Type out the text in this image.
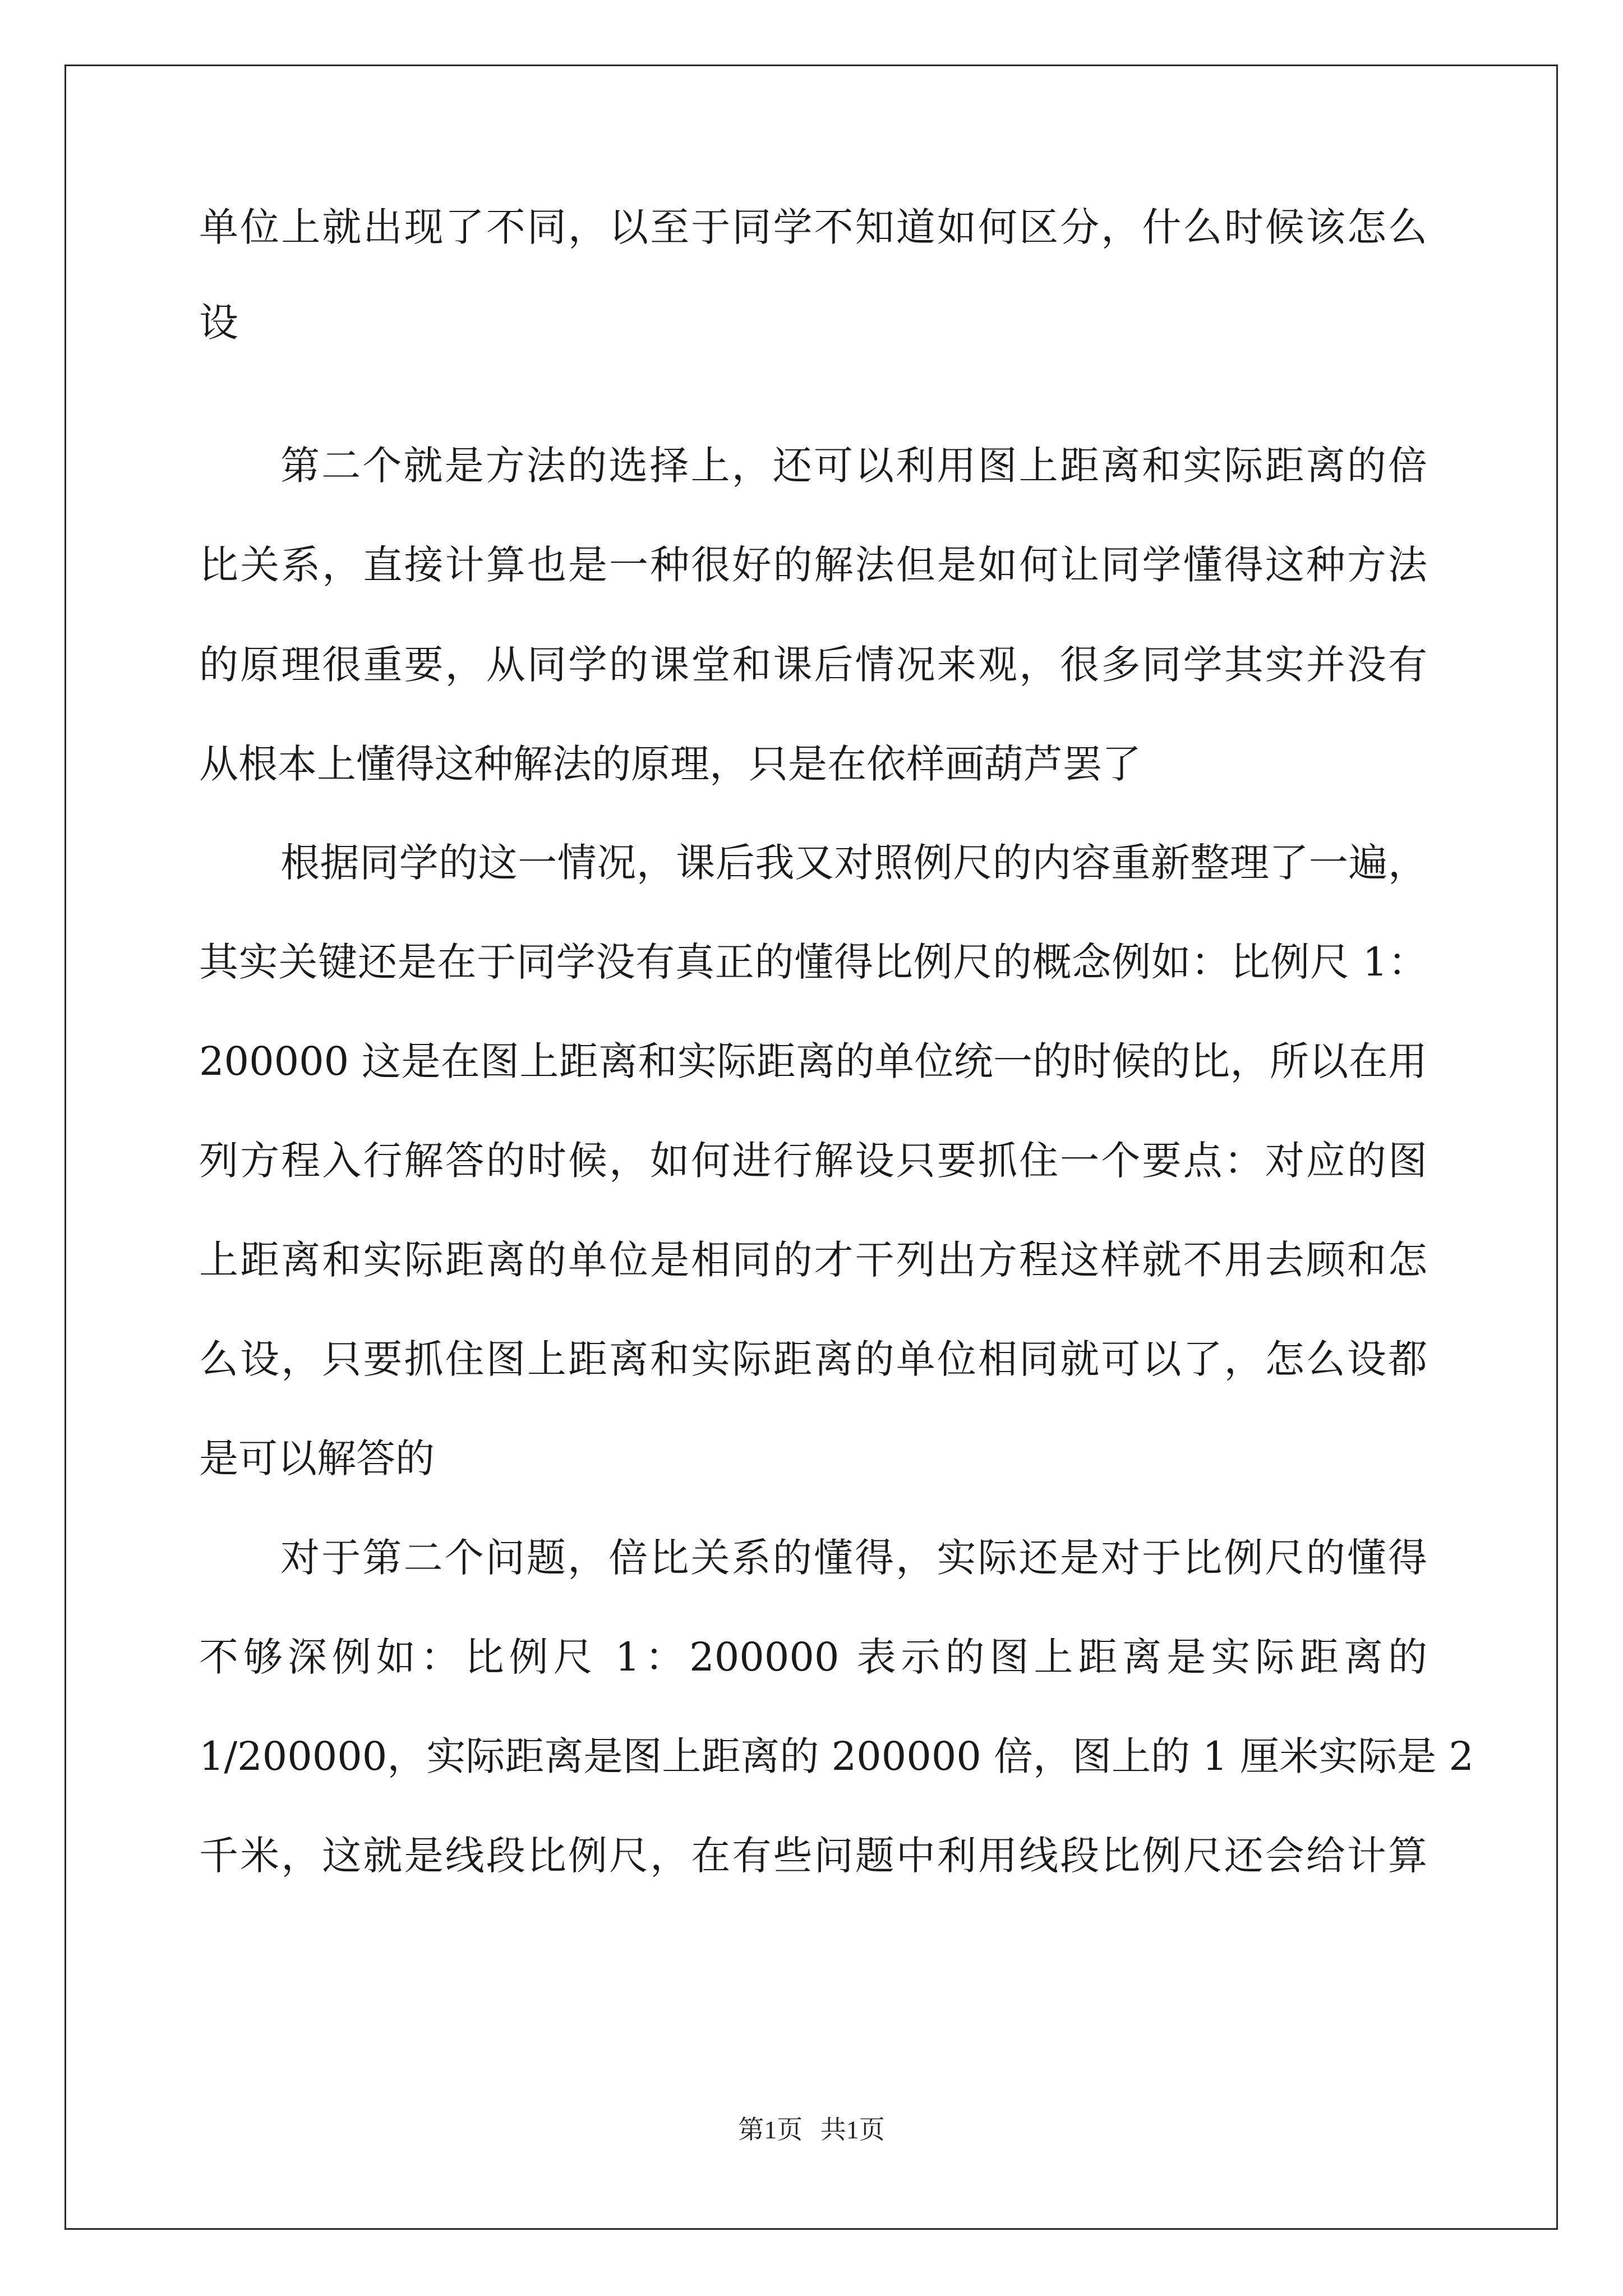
单位上就出现了不同，以至于同学不知道如何区分，什么时候该怎么
设
第二个就是方法的选择上，还可以利用图上距离和实际距离的倍
比关系，直接计算也是一种很好的解法但是如何让同学懂得这种方法
的原理很重要，从同学的课堂和课后情况来观，很多同学其实并没有
从根本上懂得这种解法的原理，只是在依样画葫芦罢了
根据同学的这一情况，课后我又对照例尺的内容重新整理了一遍，
其实关键还是在于同学没有真正的懂得比例尺的概念例如：比例尺 1：
200000 这是在图上距离和实际距离的单位统一的时候的比，所以在用
列方程入行解答的时候，如何进行解设只要抓住一个要点：对应的图
上距离和实际距离的单位是相同的才干列出方程这样就不用去顾和怎
么设，只要抓住图上距离和实际距离的单位相同就可以了，怎么设都
是可以解答的
对于第二个问题，倍比关系的懂得，实际还是对于比例尺的懂得
不够深例如：比例尺 1：200000 表示的图上距离是实际距离的
1/200000，实际距离是图上距离的 200000 倍，图上的 1 厘米实际是 2
千米，这就是线段比例尺，在有些问题中利用线段比例尺还会给计算
第1页 共1页
